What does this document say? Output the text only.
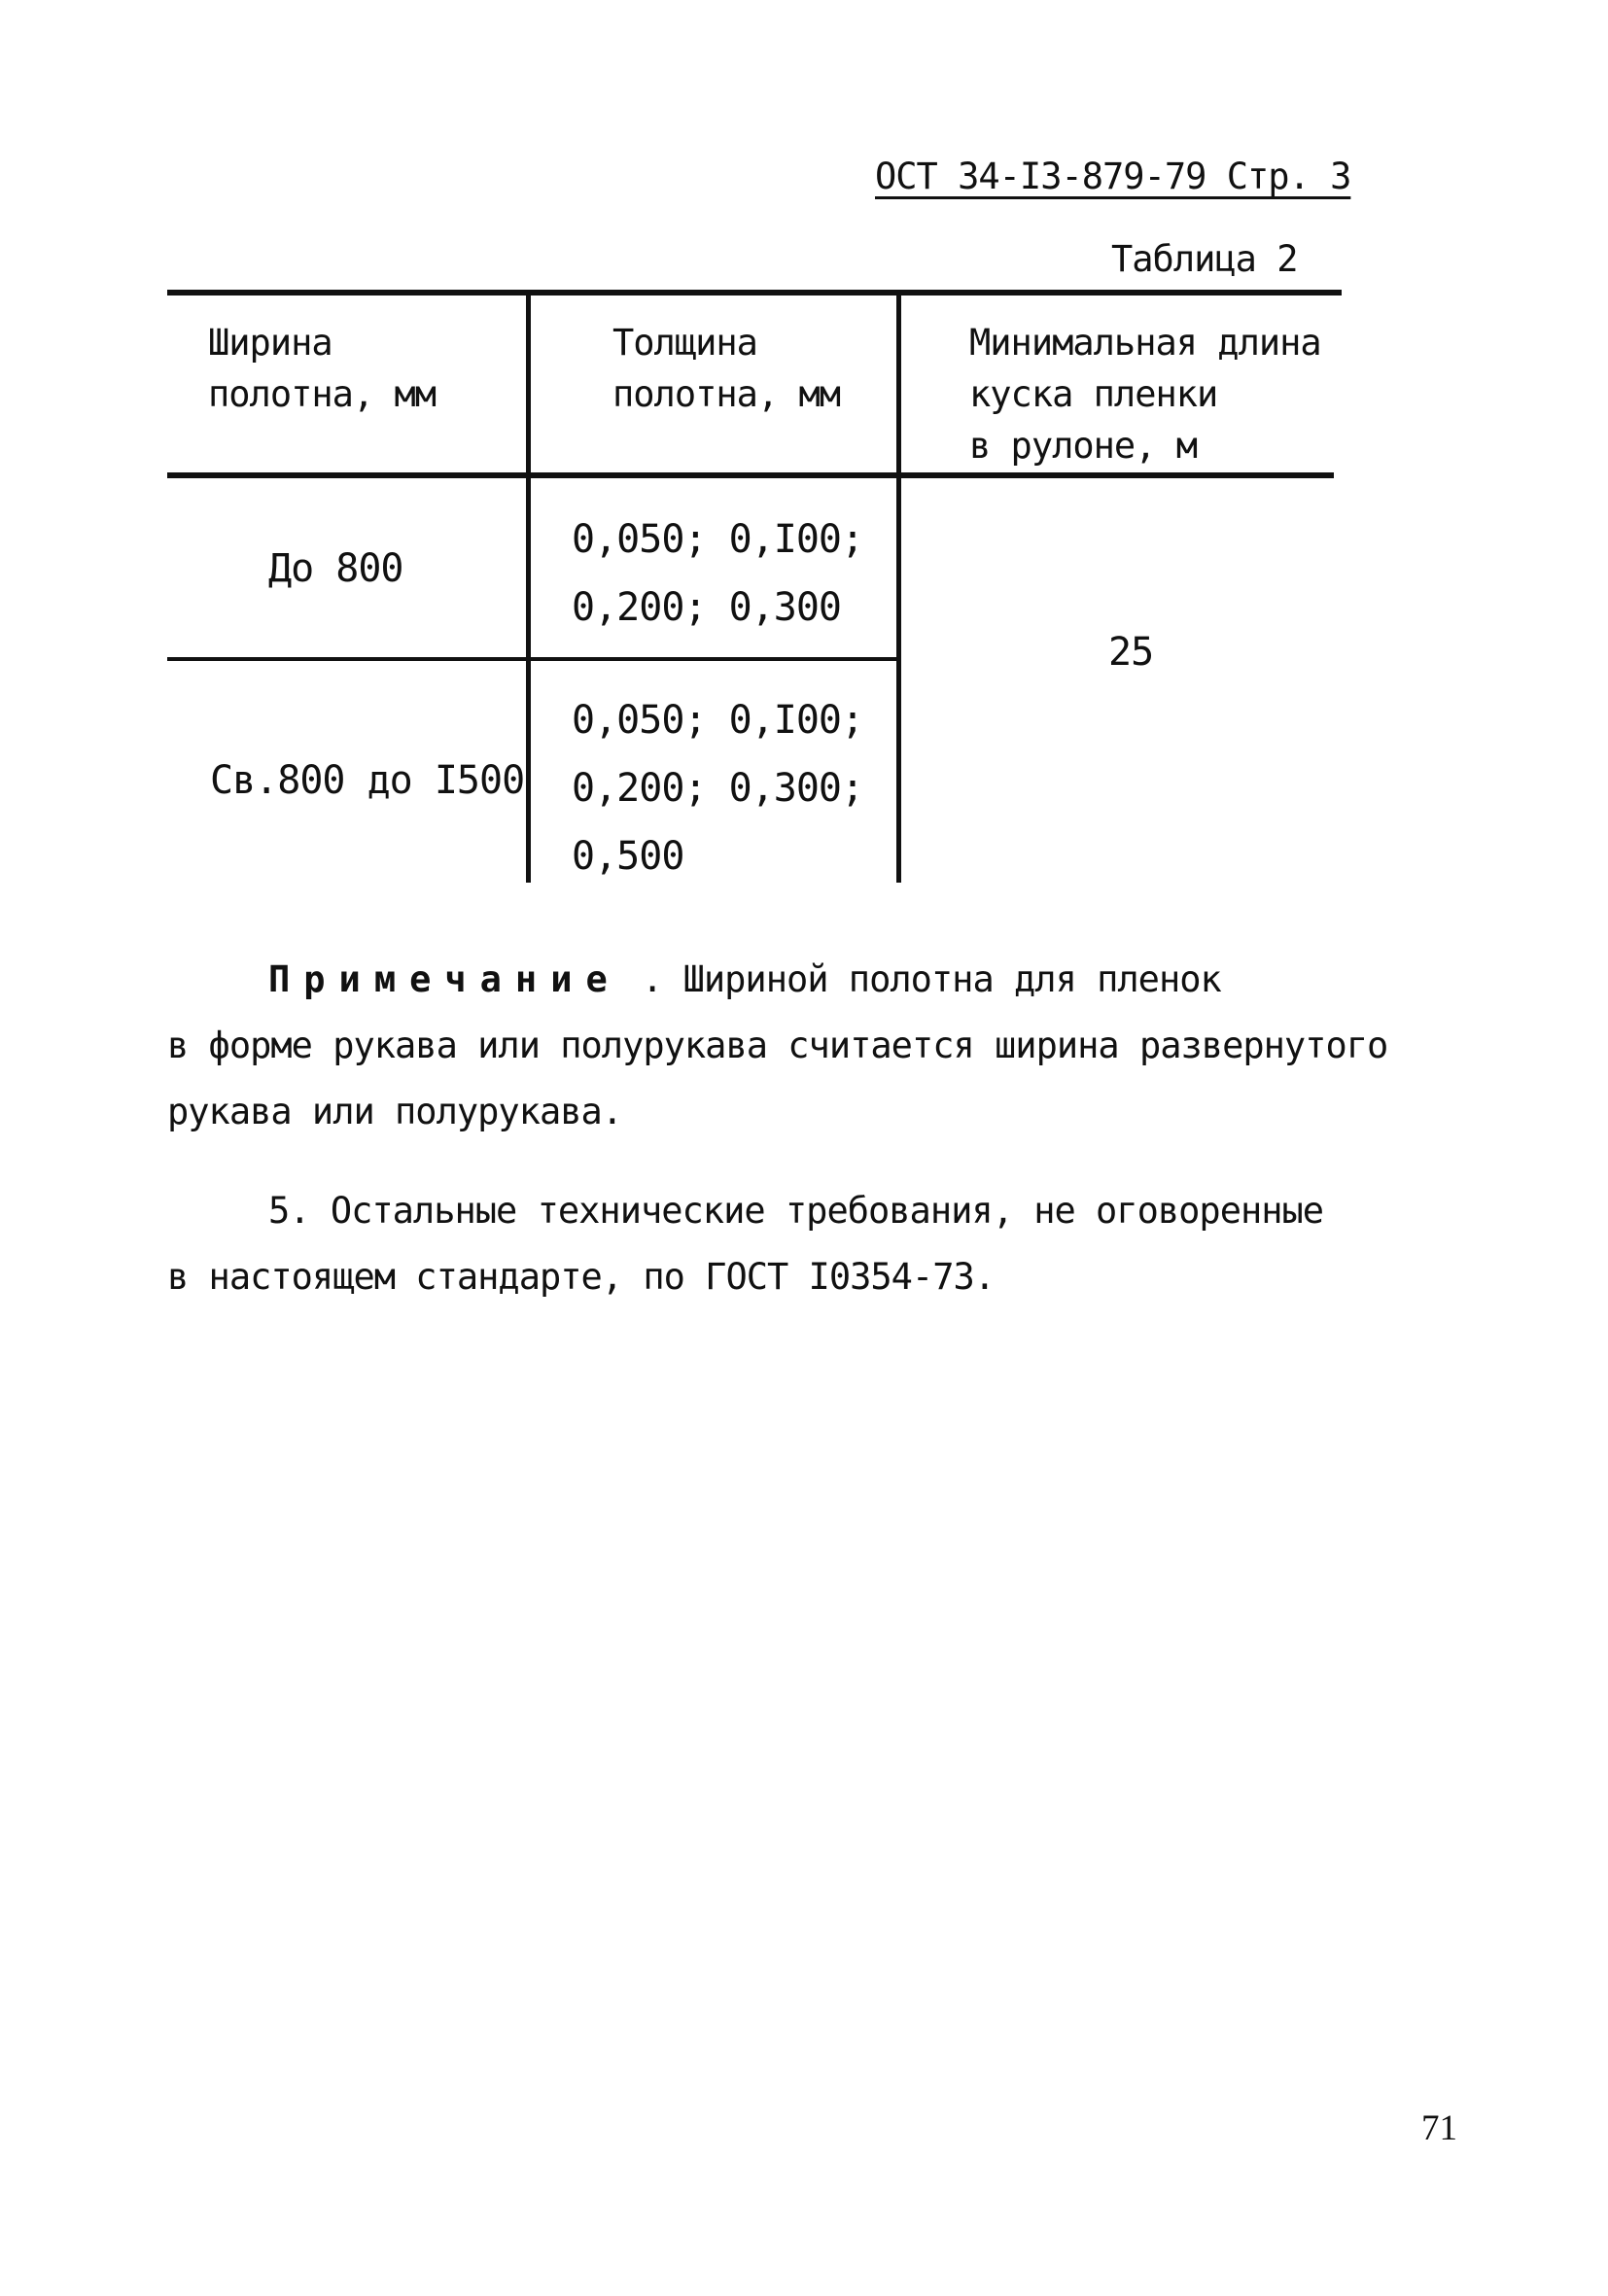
ОСТ 34-I3-879-79 Стр. 3
Таблица 2
Ширина
полотна, мм
Толщина
полотна, мм
Минимальная длина
куска пленки
в рулоне, м
До 800
0,050; 0,I00;
0,200; 0,300
Св.800 до I500
0,050; 0,I00;
0,200; 0,300;
0,500
25
Примечание . Шириной полотна для пленок
в форме рукава или полурукава считается ширина развернутого
рукава или полурукава.
5. Остальные технические требования, не оговоренные
в настоящем стандарте, по ГОСТ I0354-73.
71
